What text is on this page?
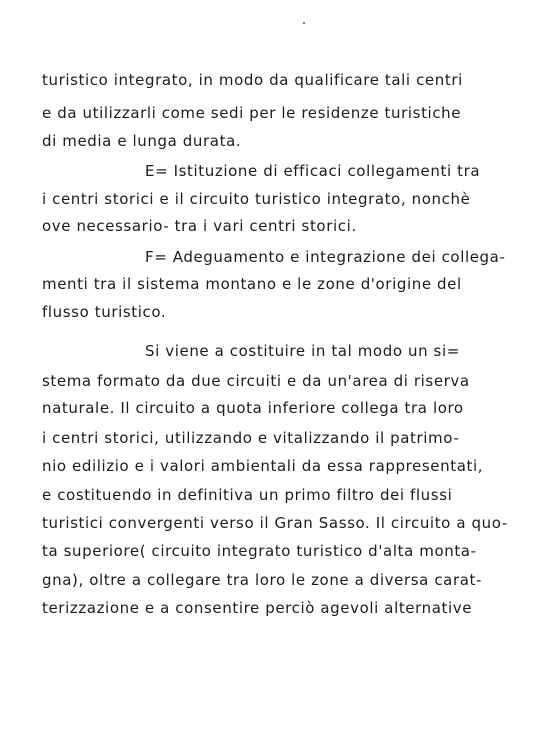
turistico integrato, in modo da qualificare tali centri
e da utilizzarli come sedi per le residenze turistiche
di media e lunga durata.
E= Istituzione di efficaci collegamenti tra
i centri storici e il circuito turistico integrato, nonchè
ove necessario- tra i vari centri storici.
F= Adeguamento e integrazione dei collega-
menti tra il sistema montano e le zone d'origine del
flusso turistico.
Si viene a costituire in tal modo un si=
stema formato da due circuiti e da un'area di riserva
naturale. Il circuito a quota inferiore collega tra loro
i centri storici, utilizzando e vitalizzando il patrimo-
nio edilizio e i valori ambientali da essa rappresentati,
e costituendo in definitiva un primo filtro dei flussi
turistici convergenti verso il Gran Sasso. Il circuito a quo-
ta superiore( circuito integrato turistico d'alta monta-
gna), oltre a collegare tra loro le zone a diversa carat-
terizzazione e a consentire perciò agevoli alternative
